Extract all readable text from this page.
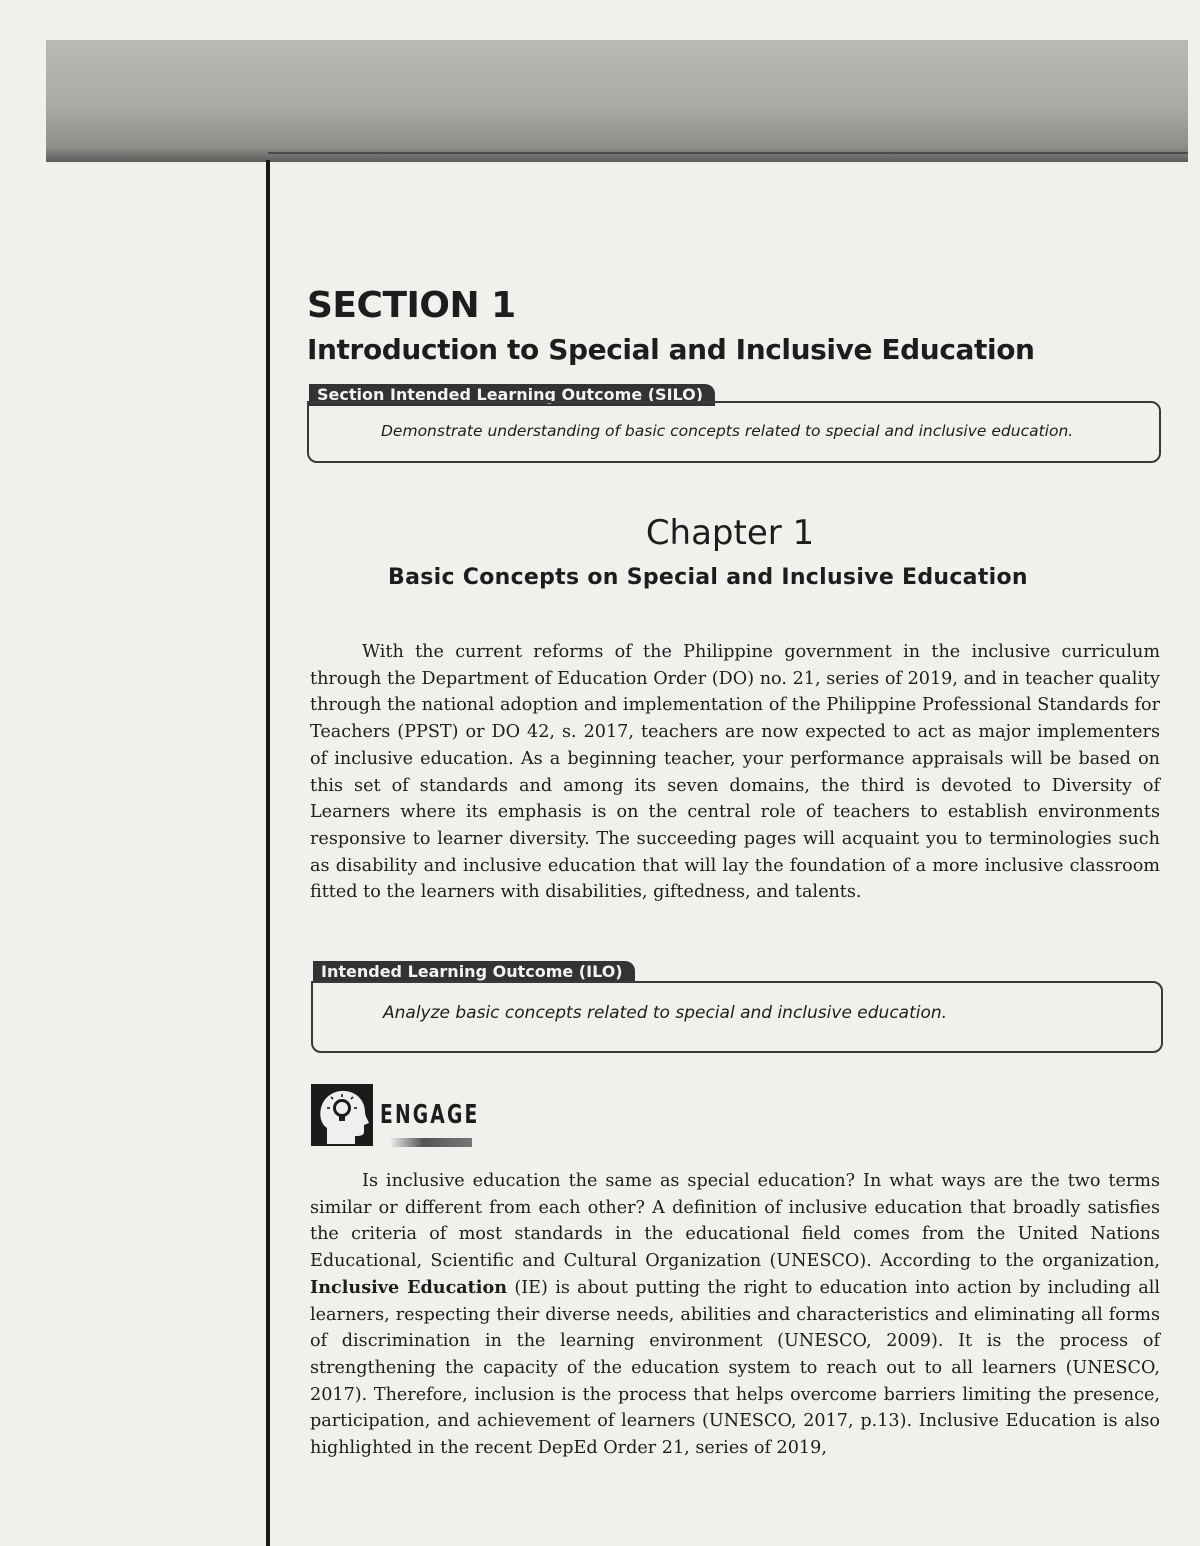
SECTION 1
Introduction to Special and Inclusive Education
Section Intended Learning Outcome (SILO)
Demonstrate understanding of basic concepts related to special and inclusive education.
Chapter 1
Basic Concepts on Special and Inclusive Education

With the current reforms of the Philippine government in the inclusive curriculum through the Department of Education Order (DO) no. 21, series of 2019, and in teacher quality through the national adoption and implementation of the Philippine Professional Standards for Teachers (PPST) or DO 42, s. 2017, teachers are now expected to act as major implementers of inclusive education. As a beginning teacher, your performance appraisals will be based on this set of standards and among its seven domains, the third is devoted to Diversity of Learners where its emphasis is on the central role of teachers to establish environments responsive to learner diversity. The succeeding pages will acquaint you to terminologies such as disability and inclusive education that will lay the foundation of a more inclusive classroom fitted to the learners with disabilities, giftedness, and talents.

Intended Learning Outcome (ILO)
Analyze basic concepts related to special and inclusive education.
ENGAGE

Is inclusive education the same as special education? In what ways are the two terms similar or different from each other? A definition of inclusive education that broadly satisfies the criteria of most standards in the educational field comes from the United Nations Educational, Scientific and Cultural Organization (UNESCO). According to the organization, Inclusive Education (IE) is about putting the right to education into action by including all learners, respecting their diverse needs, abilities and characteristics and eliminating all forms of discrimination in the learning environment (UNESCO, 2009). It is the process of strengthening the capacity of the education system to reach out to all learners (UNESCO, 2017). Therefore, inclusion is the process that helps overcome barriers limiting the presence, participation, and achievement of learners (UNESCO, 2017, p.13). Inclusive Education is also highlighted in the recent DepEd Order 21, series of 2019,
